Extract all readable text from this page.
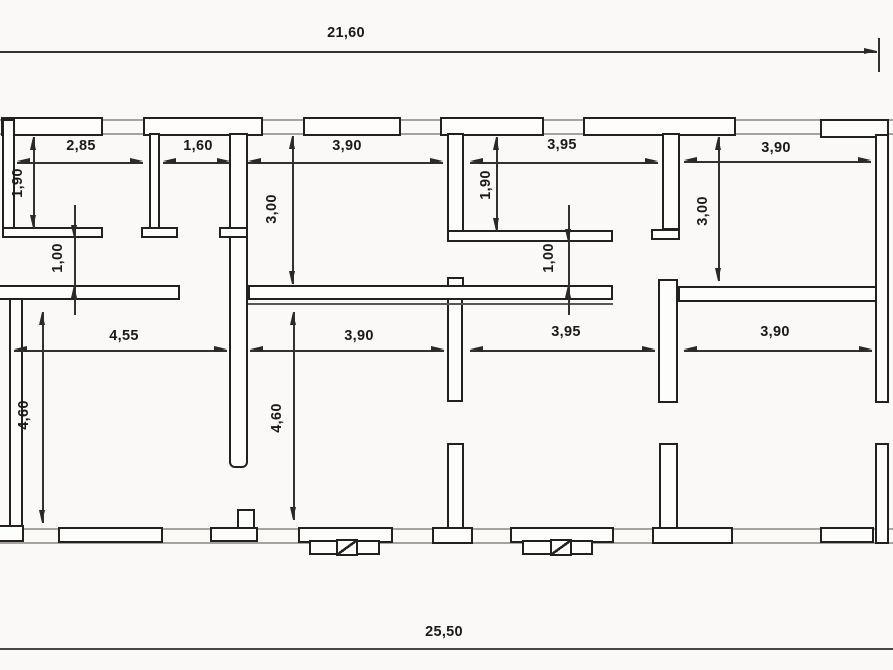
21,60
25,50
2,85	1,60	3,90	3,95	3,90
1,90
3,00
1,90
3,00
1,00	1,00
4,55	3,90	3,95	3,90
4,60	4,60
